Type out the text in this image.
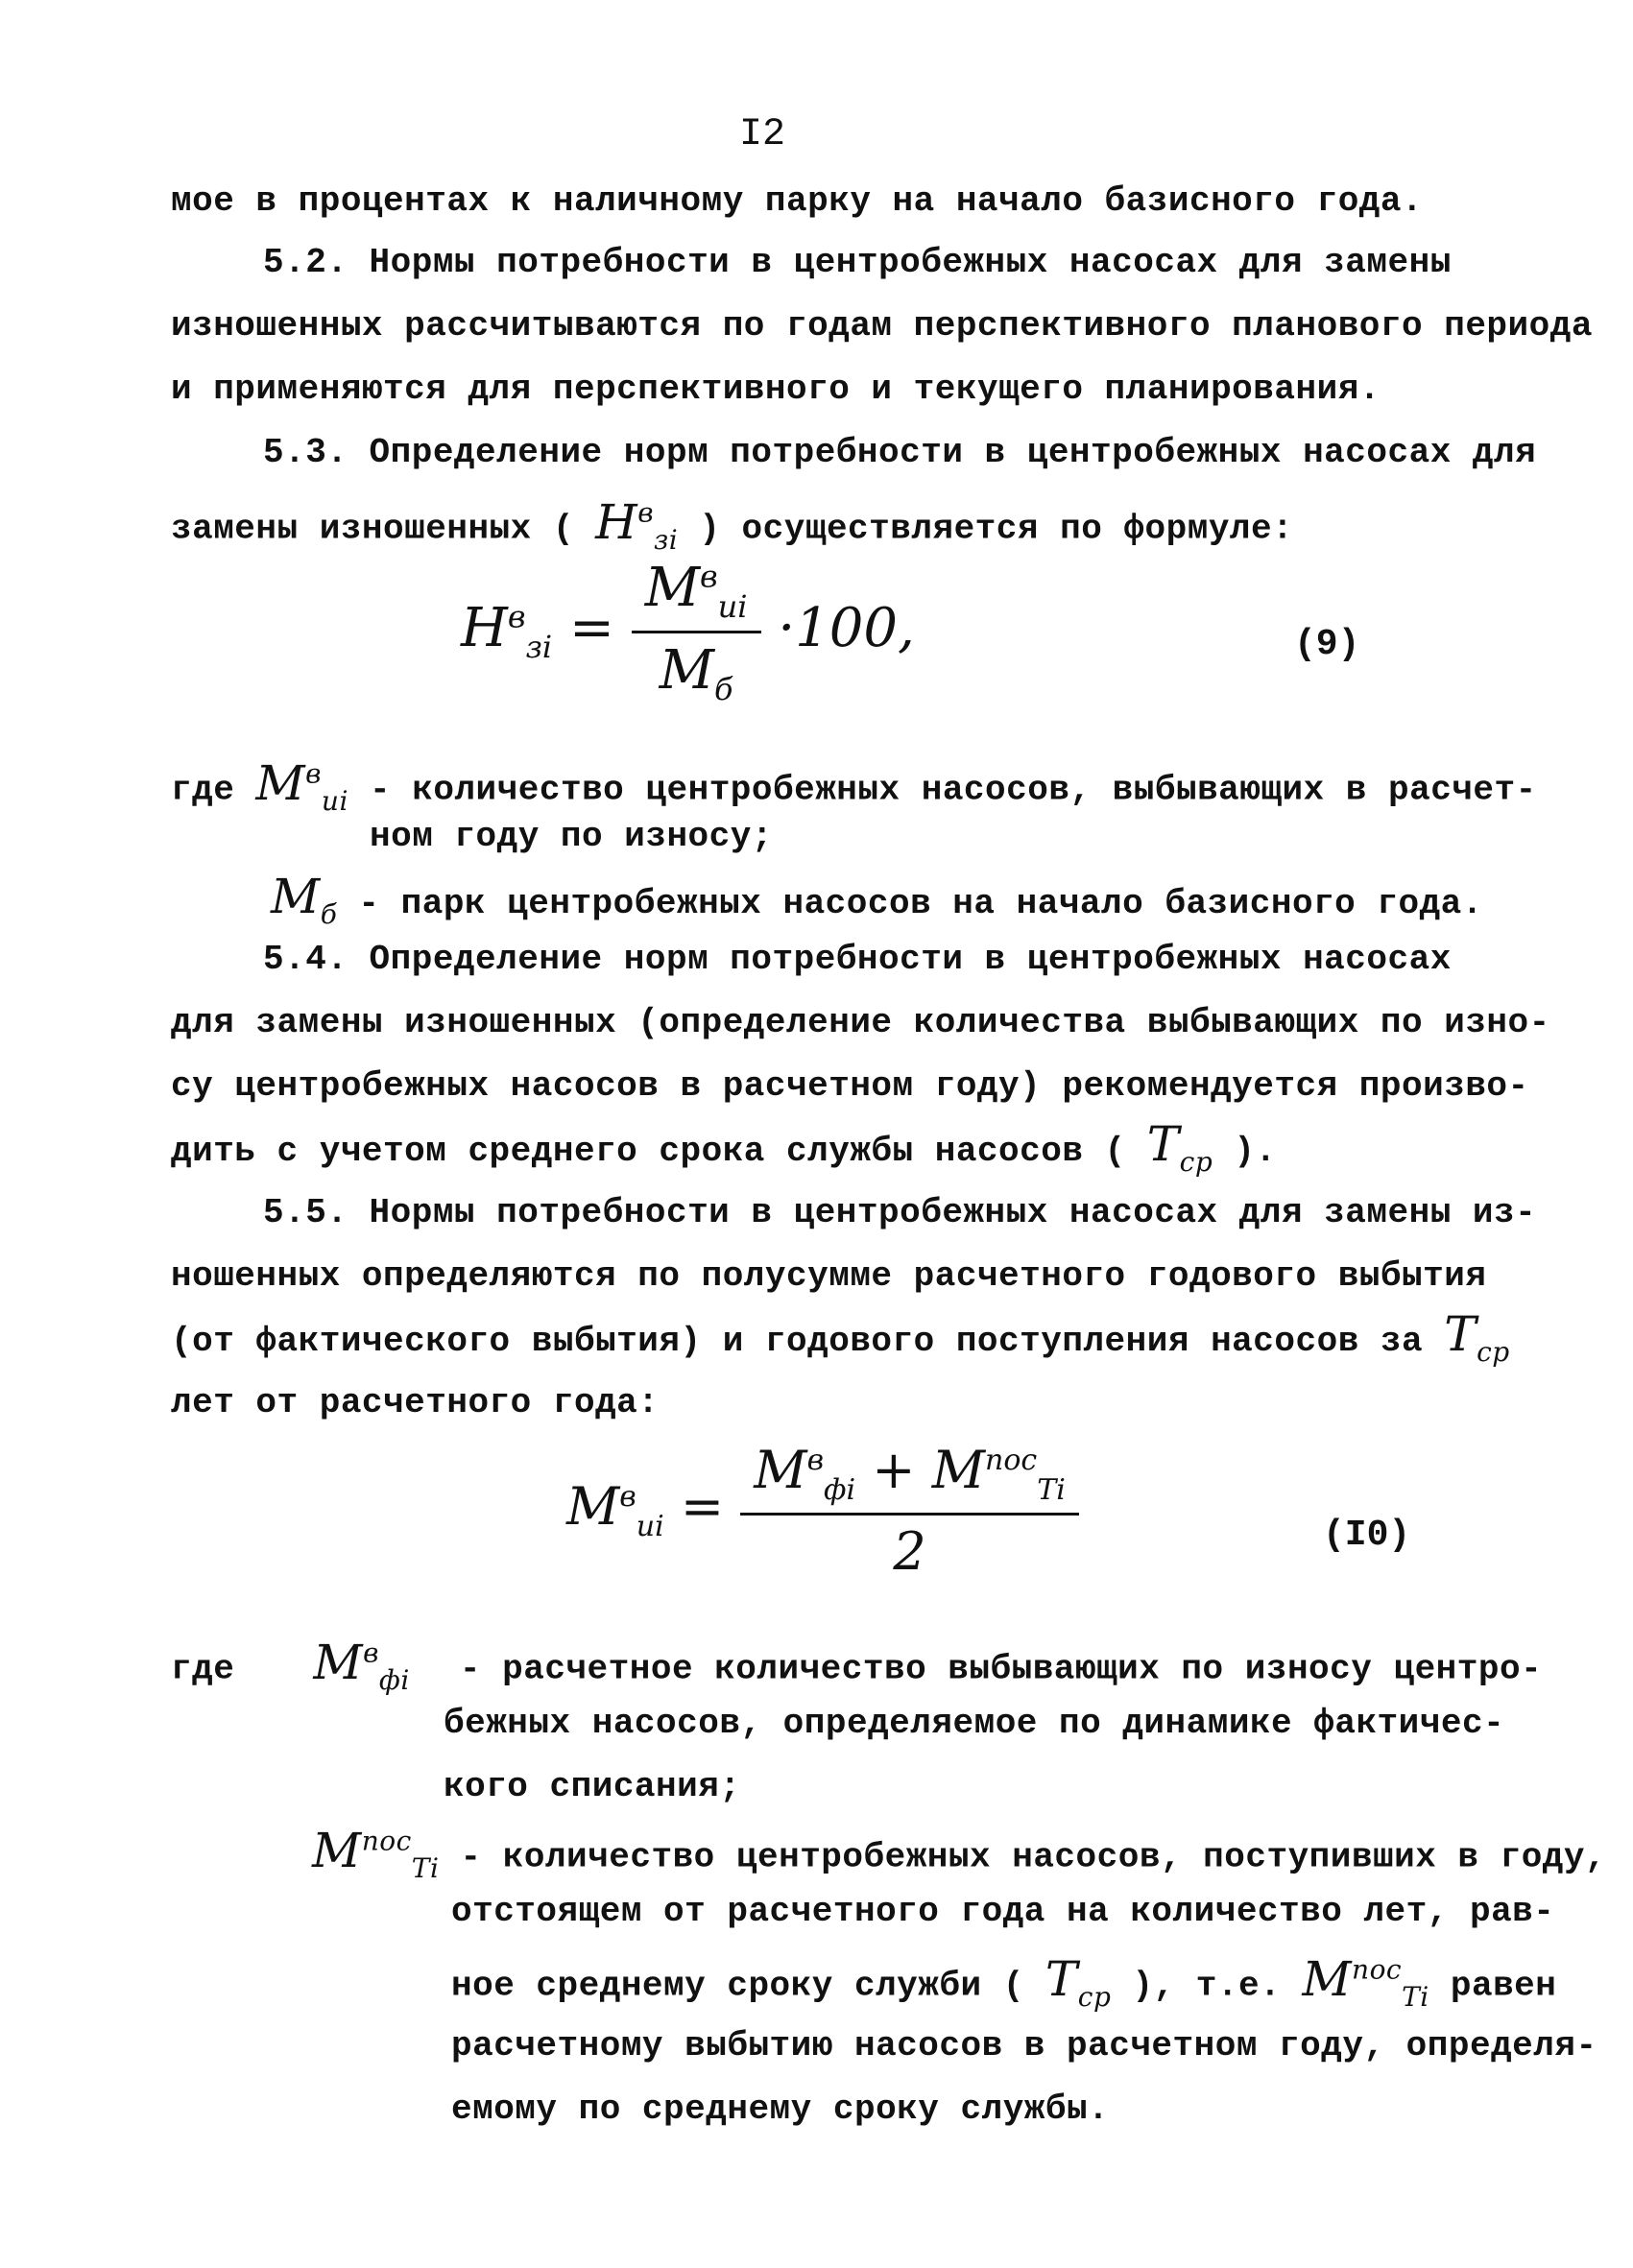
I2
мое в процентах к наличному парку на начало базисного года.
5.2. Нормы потребности в центробежных насосах для замены
изношенных рассчитываются по годам перспективного планового периода
и применяются для перспективного и текущего планирования.
5.3. Определение норм потребности в центробежных насосах для
замены изношенных ( $H^в_{зi}$ ) осуществляется по формуле:
$H^в_{зi} = \frac{M^в_{ui}}{M_б} \cdot 100$,	(9)
где $M^в_{ui}$ - количество центробежных насосов, выбывающих в расчет-
ном году по износу;
$M_б$ - парк центробежных насосов на начало базисного года.
5.4. Определение норм потребности в центробежных насосах
для замены изношенных (определение количества выбывающих по изно-
су центробежных насосов в расчетном году) рекомендуется произво-
дить с учетом среднего срока службы насосов ( $T_{ср}$ ).
5.5. Нормы потребности в центробежных насосах для замены из-
ношенных определяются по полусумме расчетного годового выбытия
(от фактического выбытия) и годового поступления насосов за $T_{ср}$
лет от расчетного года:
$M^в_{ui} = \frac{M^в_{фi} + M^{пос}_{Ti}}{2}$	(I0)
где $M^в_{фi}$ - расчетное количество выбывающих по износу центро-
бежных насосов, определяемое по динамике фактичес-
кого списания;
$M^{пос}_{Ti}$ - количество центробежных насосов, поступивших в году,
отстоящем от расчетного года на количество лет, рав-
ное среднему сроку служби ( $T_{ср}$ ), т.е. $M^{пос}_{Ti}$ равен
расчетному выбытию насосов в расчетном году, определя-
емому по среднему сроку службы.
